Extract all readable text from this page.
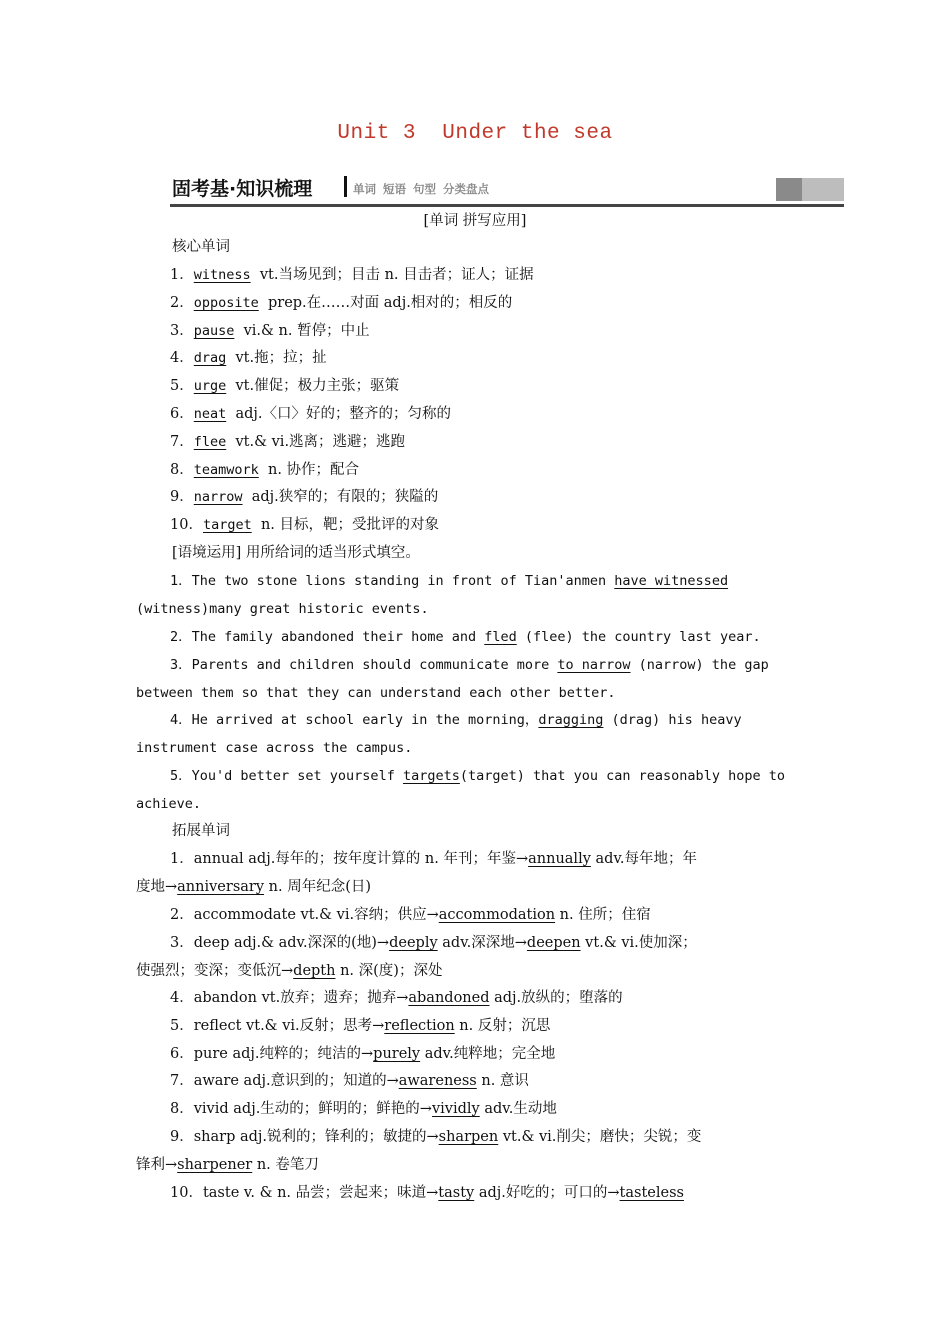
Unit 3  Under the sea
固考基·知识梳理	单词 短语 句型 分类盘点
[单词 拼写应用]
核心单词
1．witness vt.当场见到；目击 n. 目击者；证人；证据
2．opposite prep.在……对面 adj.相对的；相反的
3．pause vi.& n. 暂停；中止
4．drag vt.拖；拉；扯
5．urge vt.催促；极力主张；驱策
6．neat adj.〈口〉好的；整齐的；匀称的
7．flee vt.& vi.逃离；逃避；逃跑
8．teamwork n. 协作；配合
9．narrow adj.狭窄的；有限的；狭隘的
10．target n. 目标，靶；受批评的对象
[语境运用] 用所给词的适当形式填空。
1．The two stone lions standing in front of Tian'anmen have witnessed
(witness)many great historic events.
2．The family abandoned their home and fled (flee) the country last year.
3．Parents and children should communicate more to narrow (narrow) the gap
between them so that they can understand each other better.
4．He arrived at school early in the morning，dragging (drag) his heavy
instrument case across the campus.
5．You'd better set yourself targets(target) that you can reasonably hope to
achieve.
拓展单词
1．annual adj.每年的；按年度计算的 n. 年刊；年鉴→annually adv.每年地；年
度地→anniversary n. 周年纪念(日)
2．accommodate vt.& vi.容纳；供应→accommodation n. 住所；住宿
3．deep adj.& adv.深深的(地)→deeply adv.深深地→deepen vt.& vi.使加深；
使强烈；变深；变低沉→depth n. 深(度)；深处
4．abandon vt.放弃；遗弃；抛弃→abandoned adj.放纵的；堕落的
5．reflect vt.& vi.反射；思考→reflection n. 反射；沉思
6．pure adj.纯粹的；纯洁的→purely adv.纯粹地；完全地
7．aware adj.意识到的；知道的→awareness n. 意识
8．vivid adj.生动的；鲜明的；鲜艳的→vividly adv.生动地
9．sharp adj.锐利的；锋利的；敏捷的→sharpen vt.& vi.削尖；磨快；尖锐；变
锋利→sharpener n. 卷笔刀
10．taste v. & n. 品尝；尝起来；味道→tasty adj.好吃的；可口的→tasteless
